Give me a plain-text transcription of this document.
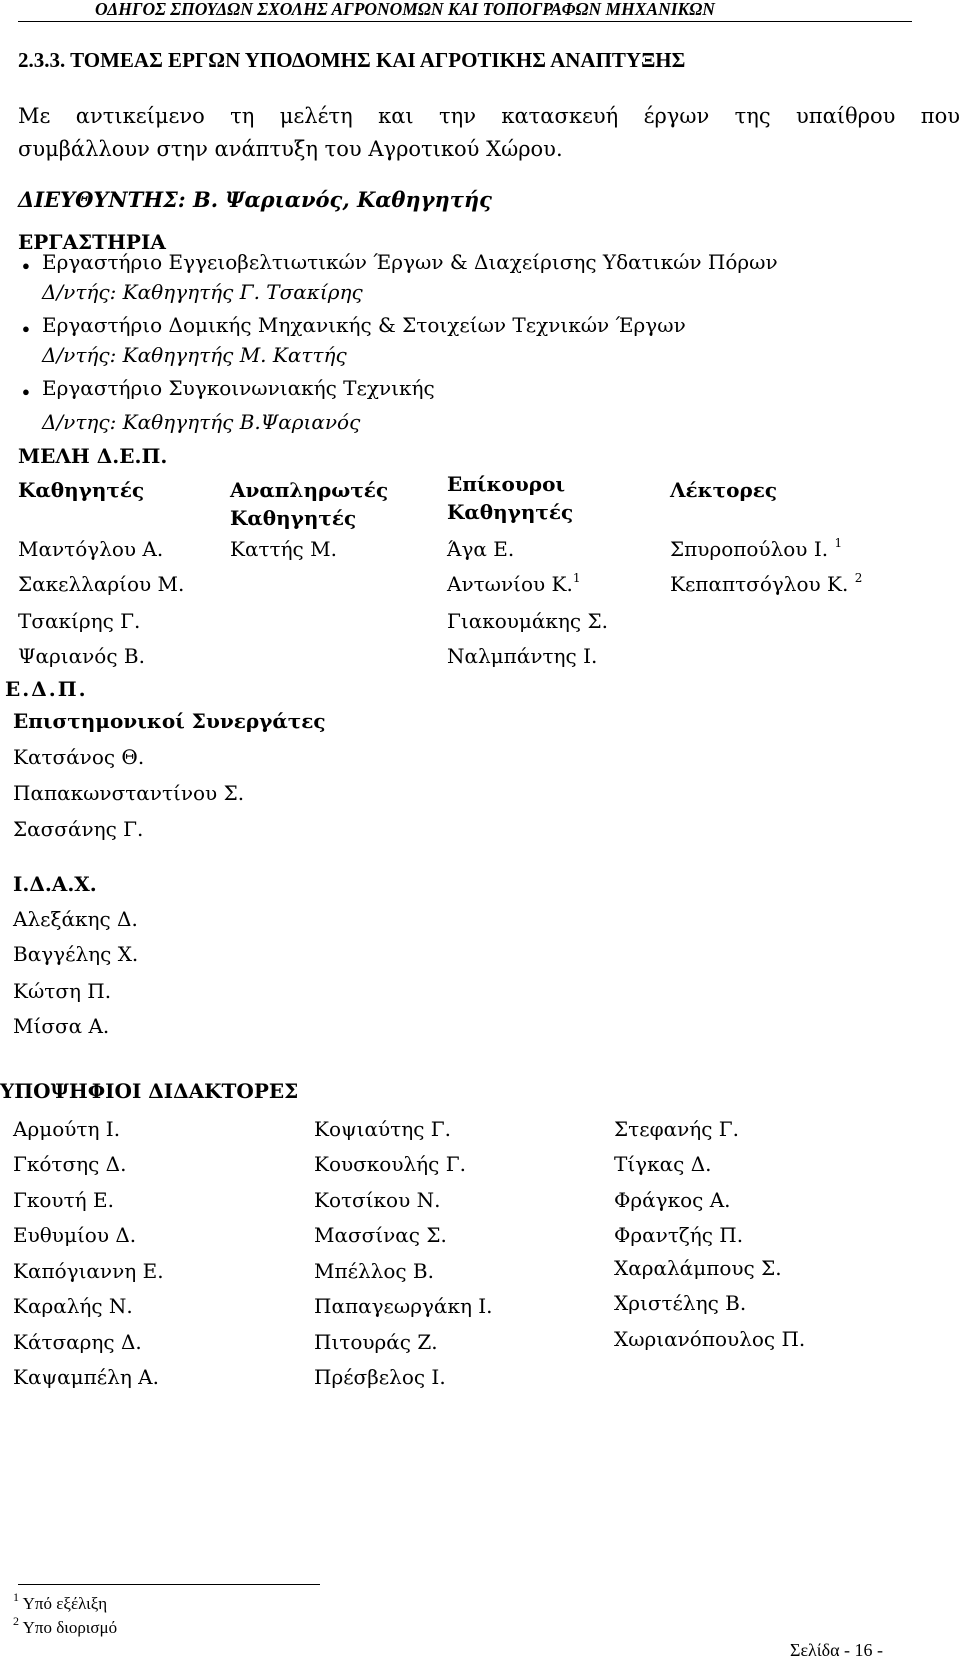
ΟΔΗΓΟΣ ΣΠΟΥΔΩΝ ΣΧΟΛΗΣ ΑΓΡΟΝΟΜΩΝ ΚΑΙ ΤΟΠΟΓΡΑΦΩΝ ΜΗΧΑΝΙΚΩΝ
2.3.3. ΤΟΜΕΑΣ ΕΡΓΩΝ ΥΠΟΔΟΜΗΣ ΚΑΙ ΑΓΡΟΤΙΚΗΣ ΑΝΑΠΤΥΞΗΣ
Με αντικείμενο τη μελέτη και την κατασκευή έργων της υπαίθρου που
συμβάλλουν στην ανάπτυξη του Αγροτικού Χώρου.
ΔΙΕΥΘΥΝΤΗΣ: Β. Ψαριανός, Καθηγητής
ΕΡΓΑΣΤΗΡΙΑ
● Εργαστήριο Εγγειοβελτιωτικών Έργων & Διαχείρισης Υδατικών Πόρων
Δ/ντής: Καθηγητής Γ. Τσακίρης
● Εργαστήριο Δομικής Μηχανικής & Στοιχείων Τεχνικών Έργων
Δ/ντής: Καθηγητής Μ. Καττής
● Εργαστήριο Συγκοινωνιακής Τεχνικής
Δ/ντης: Καθηγητής Β.Ψαριανός
ΜΕΛΗ Δ.Ε.Π.
Καθηγητές	Αναπληρωτές
Καθηγητές
Επίκουροι
Καθηγητές
Λέκτορες
Μαντόγλου Α.
Σακελλαρίου Μ.
Τσακίρης Γ.
Ψαριανός Β.
Καττής Μ.	Άγα Ε.
Αντωνίου Κ.$^1$
Γιακουμάκης Σ.
Ναλμπάντης Ι.
Σπυροπούλου Ι. $^1$
Κεπαπτσόγλου Κ. $^2$
Ε.Δ.Π.
Επιστημονικοί Συνεργάτες
Κατσάνος Θ.
Παπακωνσταντίνου Σ.
Σασσάνης Γ.
Ι.Δ.Α.Χ.
Αλεξάκης Δ.
Βαγγέλης Χ.
Κώτση Π.
Μίσσα Α.
ΥΠΟΨΗΦΙΟΙ ΔΙΔΑΚΤΟΡΕΣ
Αρμούτη Ι.
Γκότσης Δ.
Γκουτή Ε.
Ευθυμίου Δ.
Καπόγιαννη Ε.
Καραλής Ν.
Κάτσαρης Δ.
Καψαμπέλη Α.
Κοψιαύτης Γ.
Κουσκουλής Γ.
Κοτσίκου Ν.
Μασσίνας Σ.
Μπέλλος Β.
Παπαγεωργάκη Ι.
Πιτουράς Ζ.
Πρέσβελος Ι.
Στεφανής Γ.
Τίγκας Δ.
Φράγκος Α.
Φραντζής Π.
Χαραλάμπους Σ.
Χριστέλης Β.
Χωριανόπουλος Π.
$^1$ Υπό εξέλιξη
$^2$ Υπο διορισμό
Σελίδα - 16 -
